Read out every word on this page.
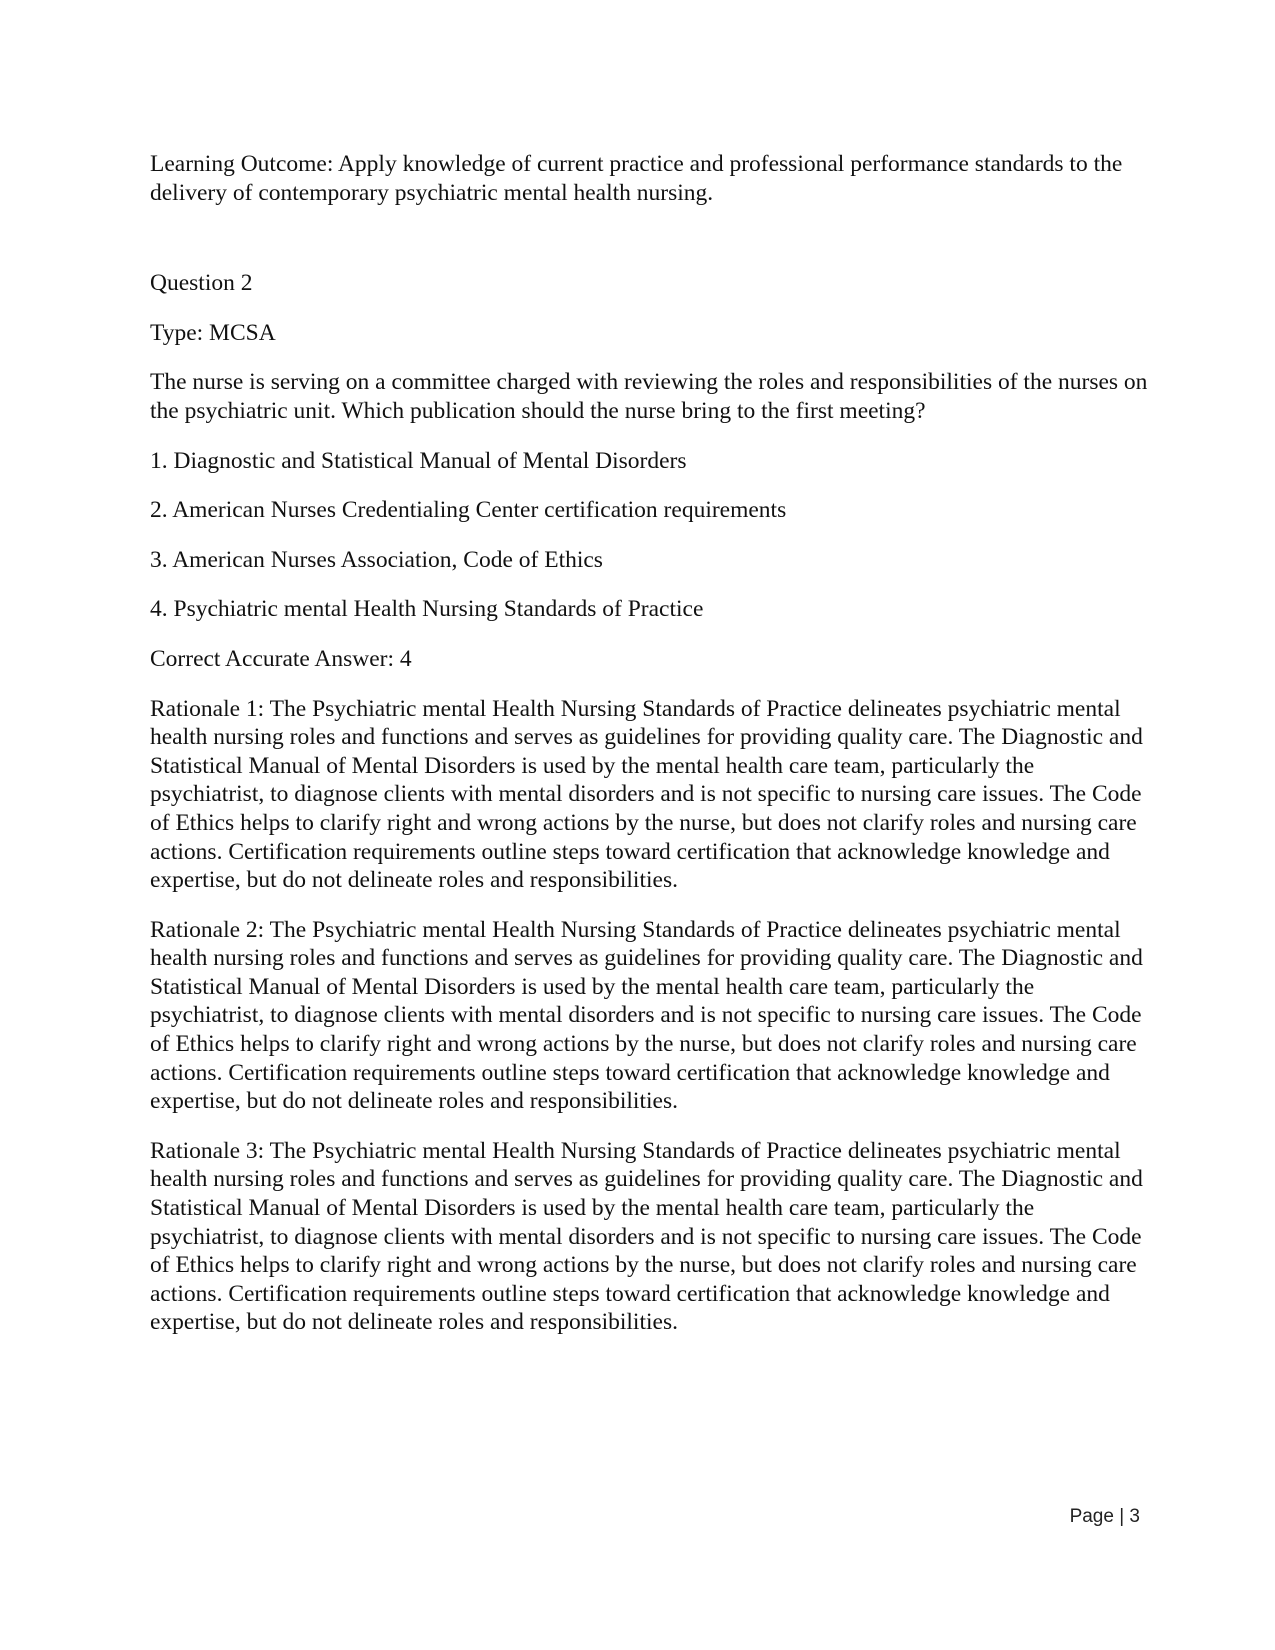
Learning Outcome: Apply knowledge of current practice and professional performance standards to the delivery of contemporary psychiatric mental health nursing.

Question 2

Type: MCSA

The nurse is serving on a committee charged with reviewing the roles and responsibilities of the nurses on the psychiatric unit. Which publication should the nurse bring to the first meeting?

1. Diagnostic and Statistical Manual of Mental Disorders

2. American Nurses Credentialing Center certification requirements

3. American Nurses Association, Code of Ethics

4. Psychiatric mental Health Nursing Standards of Practice

Correct Accurate Answer: 4

Rationale 1: The Psychiatric mental Health Nursing Standards of Practice delineates psychiatric mental health nursing roles and functions and serves as guidelines for providing quality care. The Diagnostic and Statistical Manual of Mental Disorders is used by the mental health care team, particularly the psychiatrist, to diagnose clients with mental disorders and is not specific to nursing care issues. The Code of Ethics helps to clarify right and wrong actions by the nurse, but does not clarify roles and nursing care actions. Certification requirements outline steps toward certification that acknowledge knowledge and expertise, but do not delineate roles and responsibilities.

Rationale 2: The Psychiatric mental Health Nursing Standards of Practice delineates psychiatric mental health nursing roles and functions and serves as guidelines for providing quality care. The Diagnostic and Statistical Manual of Mental Disorders is used by the mental health care team, particularly the psychiatrist, to diagnose clients with mental disorders and is not specific to nursing care issues. The Code of Ethics helps to clarify right and wrong actions by the nurse, but does not clarify roles and nursing care actions. Certification requirements outline steps toward certification that acknowledge knowledge and expertise, but do not delineate roles and responsibilities.

Rationale 3: The Psychiatric mental Health Nursing Standards of Practice delineates psychiatric mental health nursing roles and functions and serves as guidelines for providing quality care. The Diagnostic and Statistical Manual of Mental Disorders is used by the mental health care team, particularly the psychiatrist, to diagnose clients with mental disorders and is not specific to nursing care issues. The Code of Ethics helps to clarify right and wrong actions by the nurse, but does not clarify roles and nursing care actions. Certification requirements outline steps toward certification that acknowledge knowledge and expertise, but do not delineate roles and responsibilities.

Page | 3
